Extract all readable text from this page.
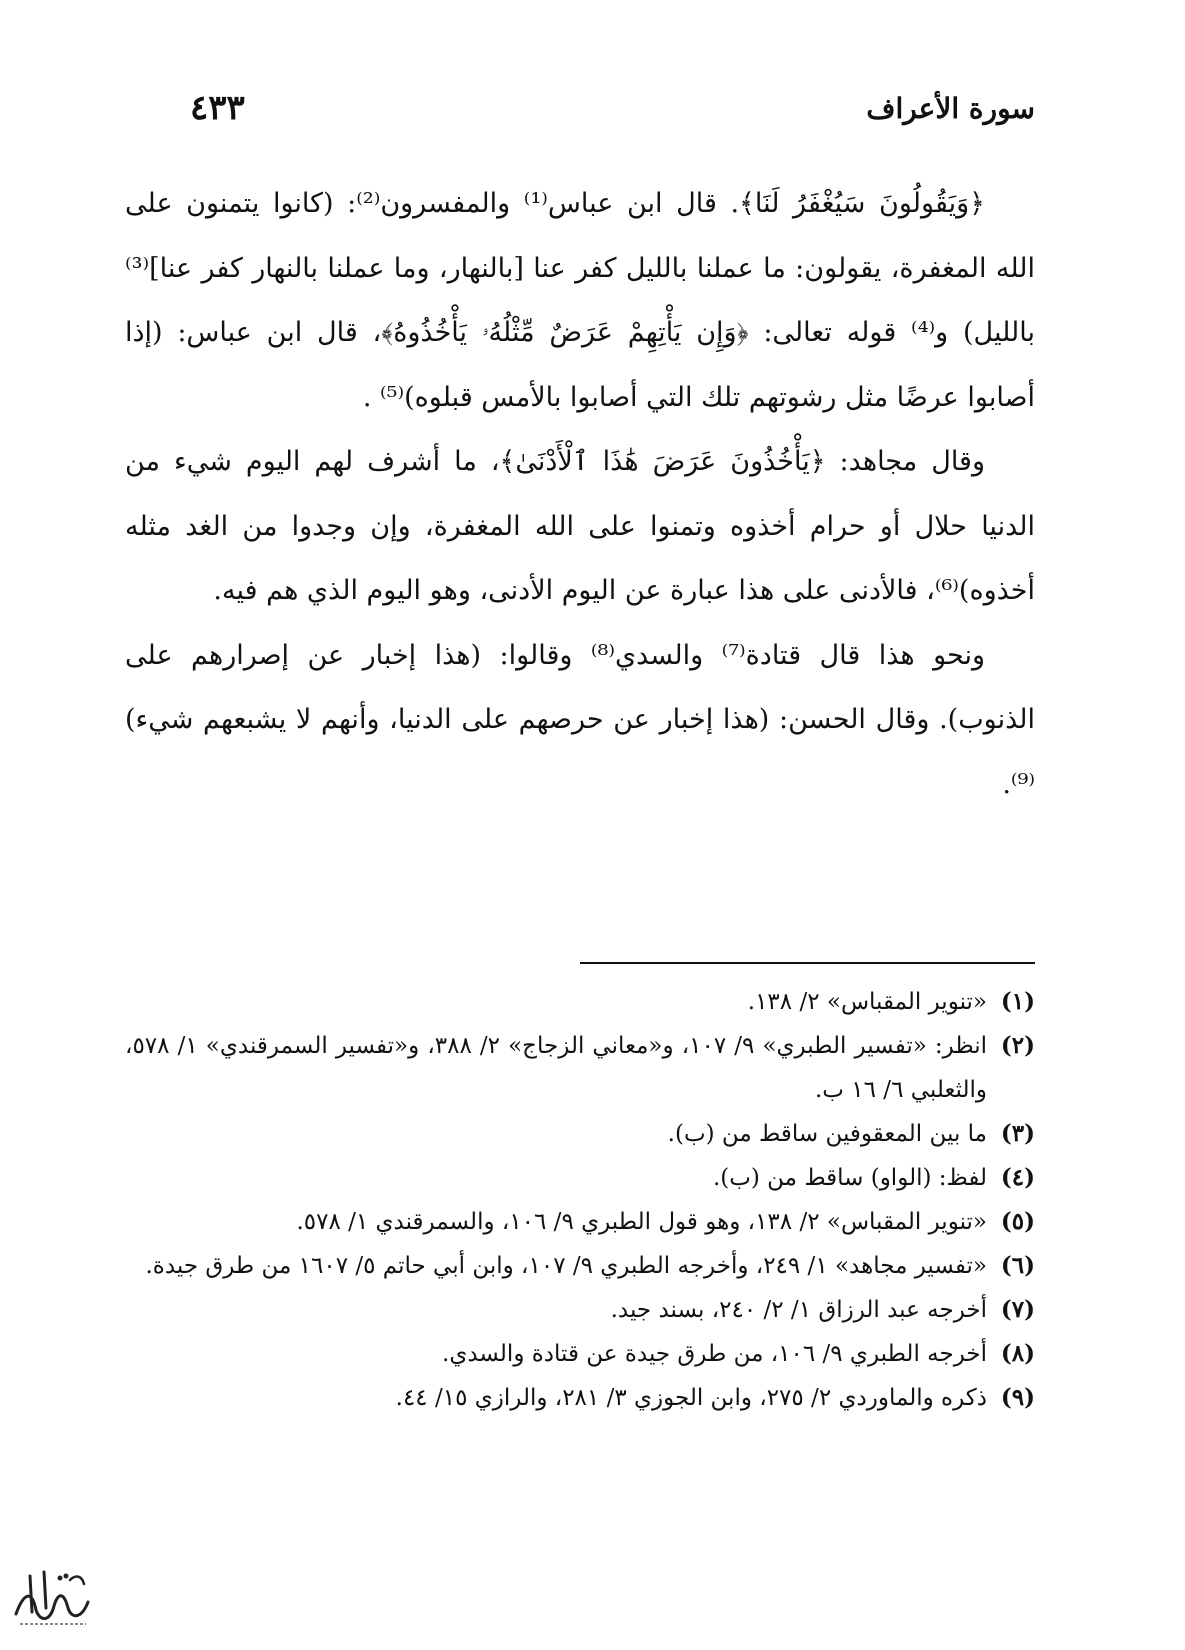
سورة الأعراف
٤٣٣

﴿وَيَقُولُونَ سَيُغْفَرُ لَنَا﴾. قال ابن عباس⁽¹⁾ والمفسرون⁽²⁾: (كانوا يتمنون على الله المغفرة، يقولون: ما عملنا بالليل كفر عنا [بالنهار، وما عملنا بالنهار كفر عنا]⁽³⁾ بالليل) و⁽⁴⁾ قوله تعالى: ﴿وَإِن يَأْتِهِمْ عَرَضٌ مِّثْلُهُۥ يَأْخُذُوهُ﴾، قال ابن عباس: (إذا أصابوا عرضًا مثل رشوتهم تلك التي أصابوا بالأمس قبلوه)⁽⁵⁾ .

وقال مجاهد: ﴿يَأْخُذُونَ عَرَضَ هَٰذَا ٱلْأَدْنَىٰ﴾، ما أشرف لهم اليوم شيء من الدنيا حلال أو حرام أخذوه وتمنوا على الله المغفرة، وإن وجدوا من الغد مثله أخذوه)⁽⁶⁾، فالأدنى على هذا عبارة عن اليوم الأدنى، وهو اليوم الذي هم فيه.

ونحو هذا قال قتادة⁽⁷⁾ والسدي⁽⁸⁾ وقالوا: (هذا إخبار عن إصرارهم على الذنوب). وقال الحسن: (هذا إخبار عن حرصهم على الدنيا، وأنهم لا يشبعهم شيء)⁽⁹⁾.

(١)
«تنوير المقباس» ٢/ ١٣٨.
(٢)
انظر: «تفسير الطبري» ٩/ ١٠٧، و«معاني الزجاج» ٢/ ٣٨٨، و«تفسير السمرقندي» ١/ ٥٧٨، والثعلبي ٦/ ١٦ ب.
(٣)
ما بين المعقوفين ساقط من (ب).
(٤)
لفظ: (الواو) ساقط من (ب).
(٥)
«تنوير المقباس» ٢/ ١٣٨، وهو قول الطبري ٩/ ١٠٦، والسمرقندي ١/ ٥٧٨.
(٦)
«تفسير مجاهد» ١/ ٢٤٩، وأخرجه الطبري ٩/ ١٠٧، وابن أبي حاتم ٥/ ١٦٠٧ من طرق جيدة.
(٧)
أخرجه عبد الرزاق ١/ ٢/ ٢٤٠، بسند جيد.
(٨)
أخرجه الطبري ٩/ ١٠٦، من طرق جيدة عن قتادة والسدي.
(٩)
ذكره والماوردي ٢/ ٢٧٥، وابن الجوزي ٣/ ٢٨١، والرازي ١٥/ ٤٤.
